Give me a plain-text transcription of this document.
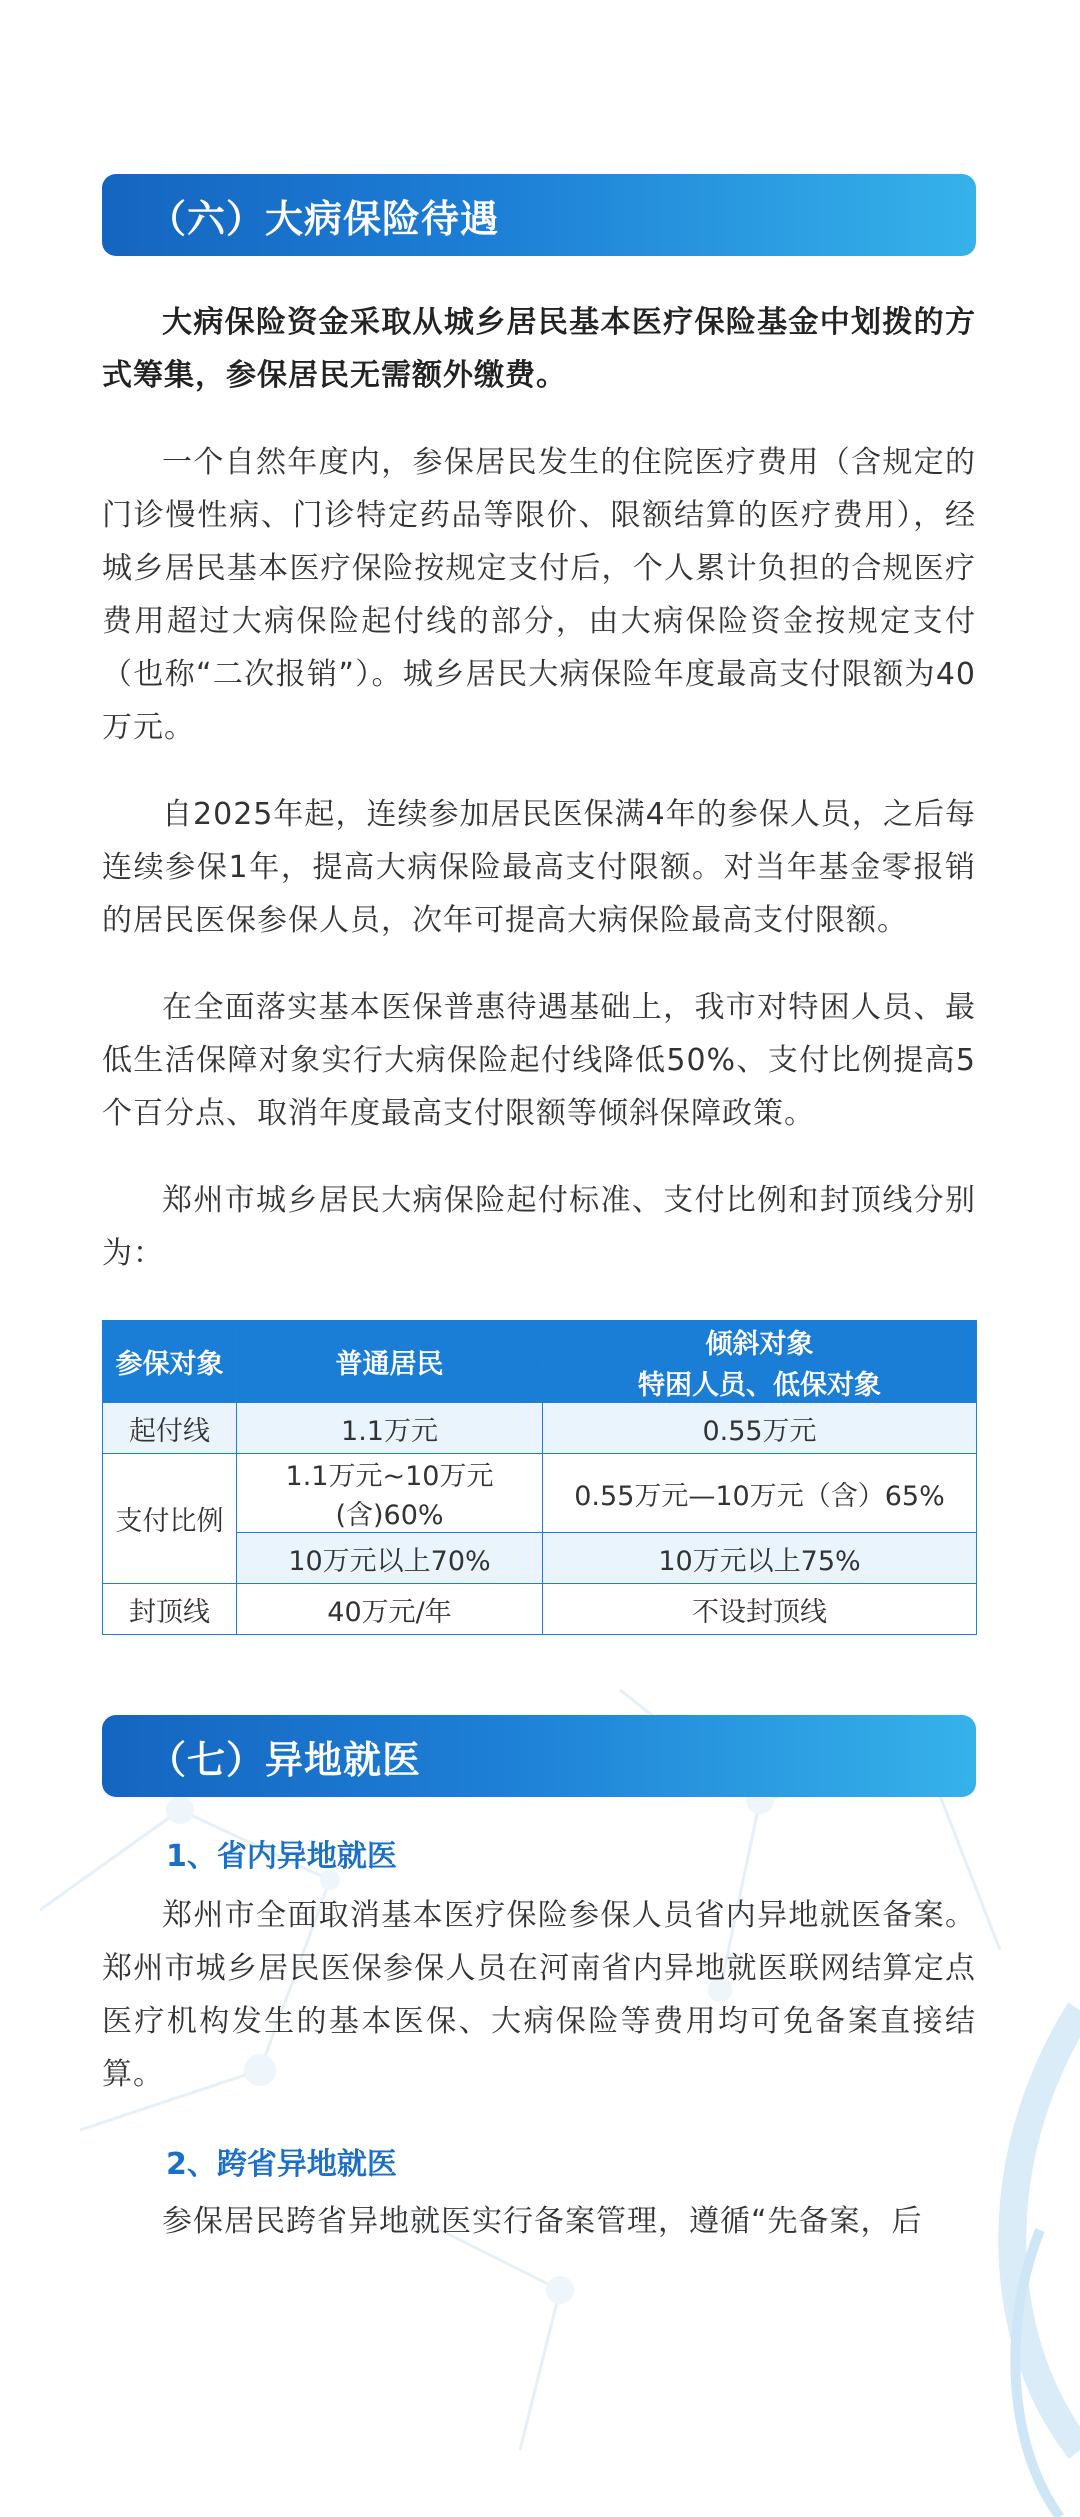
（六）大病保险待遇

大病保险资金采取从城乡居民基本医疗保险基金中划拨的方式筹集，参保居民无需额外缴费。

一个自然年度内，参保居民发生的住院医疗费用（含规定的门诊慢性病、门诊特定药品等限价、限额结算的医疗费用），经城乡居民基本医疗保险按规定支付后，个人累计负担的合规医疗费用超过大病保险起付线的部分，由大病保险资金按规定支付（也称“二次报销”）。城乡居民大病保险年度最高支付限额为40万元。

自2025年起，连续参加居民医保满4年的参保人员，之后每连续参保1年，提高大病保险最高支付限额。对当年基金零报销的居民医保参保人员，次年可提高大病保险最高支付限额。

在全面落实基本医保普惠待遇基础上，我市对特困人员、最低生活保障对象实行大病保险起付线降低50%、支付比例提高5个百分点、取消年度最高支付限额等倾斜保障政策。

郑州市城乡居民大病保险起付标准、支付比例和封顶线分别为：

参保对象	普通居民	倾斜对象
		特困人员、低保对象
起付线	1.1万元	0.55万元
支付比例	1.1万元~10万元(含)60%	0.55万元—10万元（含）65%
	10万元以上70%	10万元以上75%
封顶线	40万元/年	不设封顶线
（七）异地就医

1、省内异地就医

郑州市全面取消基本医疗保险参保人员省内异地就医备案。郑州市城乡居民医保参保人员在河南省内异地就医联网结算定点医疗机构发生的基本医保、大病保险等费用均可免备案直接结算。

2、跨省异地就医

参保居民跨省异地就医实行备案管理，遵循“先备案，后
